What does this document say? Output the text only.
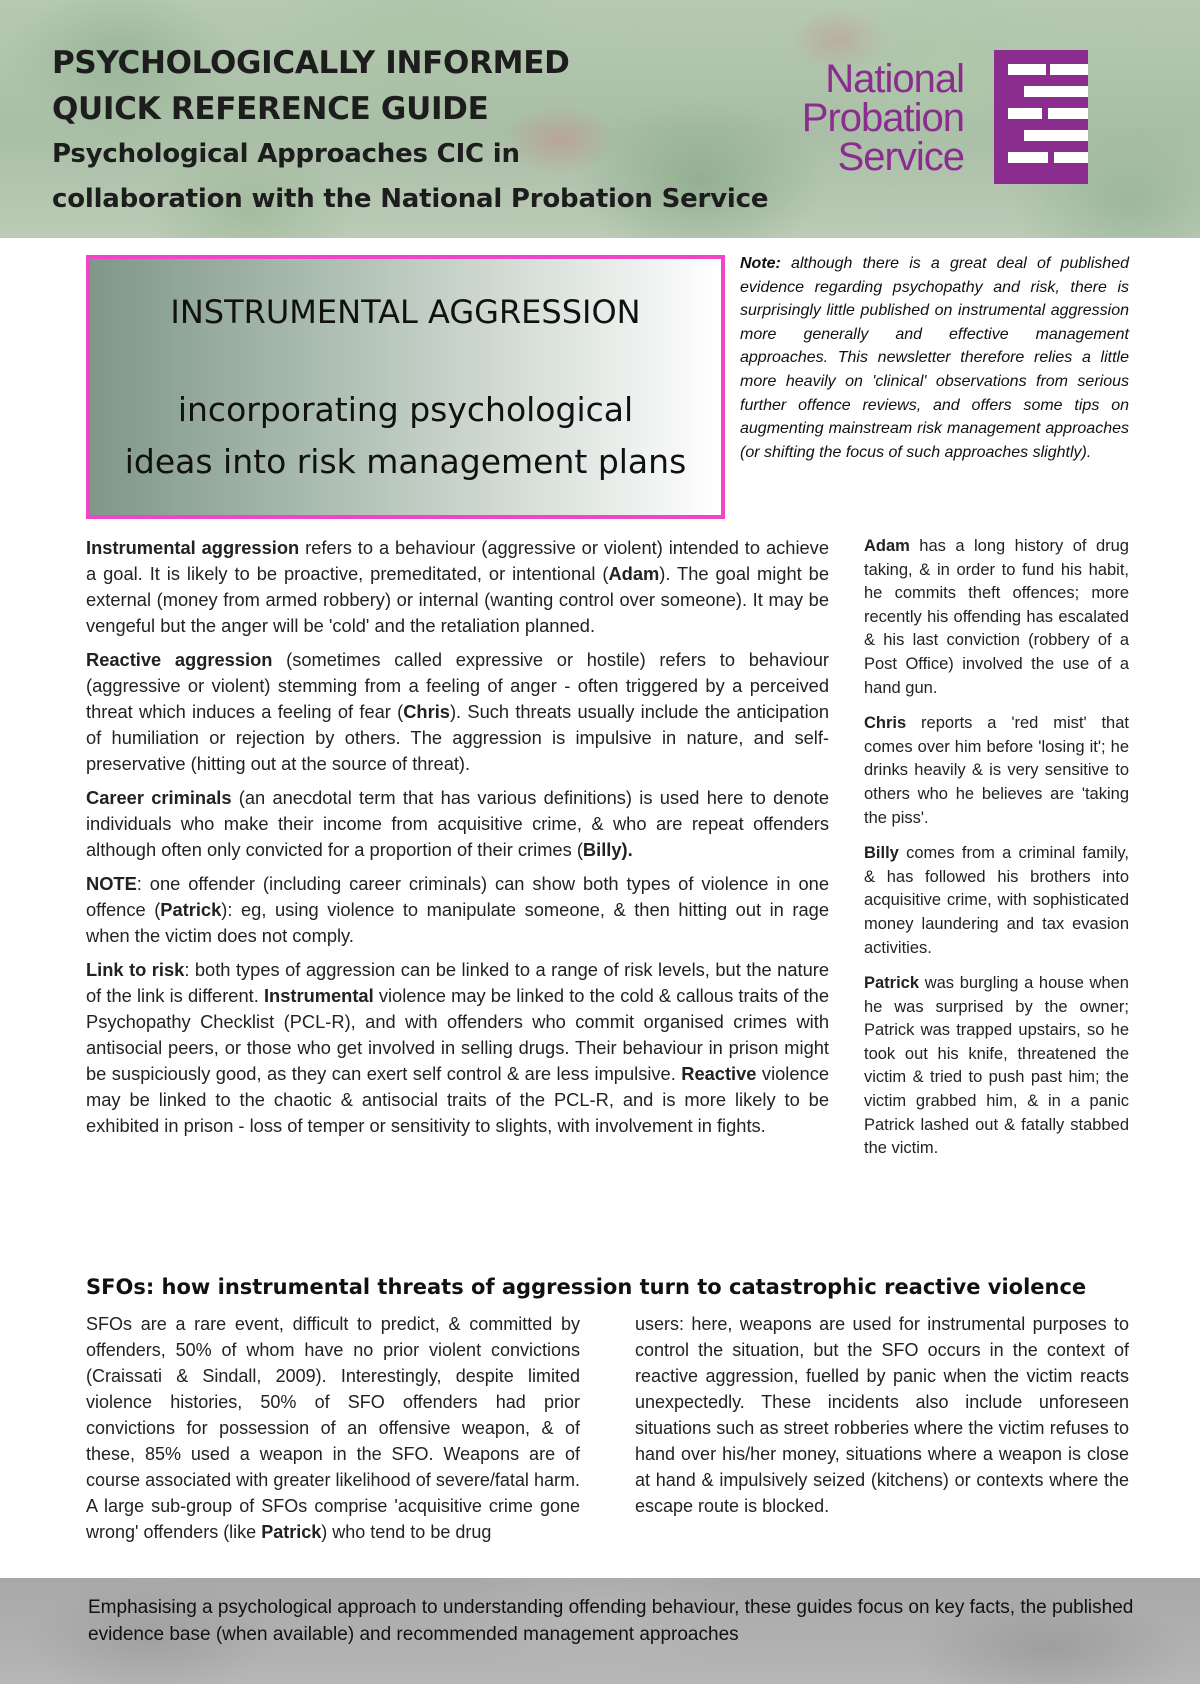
PSYCHOLOGICALLY INFORMED
QUICK REFERENCE GUIDE
Psychological Approaches CIC in
collaboration with the National Probation Service
National
Probation
Service
INSTRUMENTAL AGGRESSION
incorporating psychological
ideas into risk management plans
Note: although there is a great deal of published evidence regarding psychopathy and risk, there is surprisingly little published on instrumental aggression more generally and effective management approaches. This newsletter therefore relies a little more heavily on 'clinical' observations from serious further offence reviews, and offers some tips on augmenting mainstream risk management approaches (or shifting the focus of such approaches slightly).

Instrumental aggression refers to a behaviour (aggressive or violent) intended to achieve a goal. It is likely to be proactive, premeditated, or intentional (Adam). The goal might be external (money from armed robbery) or internal (wanting control over someone). It may be vengeful but the anger will be 'cold' and the retaliation planned.

Reactive aggression (sometimes called expressive or hostile) refers to behaviour (aggressive or violent) stemming from a feeling of anger - often triggered by a perceived threat which induces a feeling of fear (Chris). Such threats usually include the anticipation of humiliation or rejection by others. The aggression is impulsive in nature, and self-preservative (hitting out at the source of threat).

Career criminals (an anecdotal term that has various definitions) is used here to denote individuals who make their income from acquisitive crime, & who are repeat offenders although often only convicted for a proportion of their crimes (Billy).

NOTE: one offender (including career criminals) can show both types of violence in one offence (Patrick): eg, using violence to manipulate someone, & then hitting out in rage when the victim does not comply.

Link to risk: both types of aggression can be linked to a range of risk levels, but the nature of the link is different. Instrumental violence may be linked to the cold & callous traits of the Psychopathy Checklist (PCL-R), and with offenders who commit organised crimes with antisocial peers, or those who get involved in selling drugs. Their behaviour in prison might be suspiciously good, as they can exert self control & are less impulsive. Reactive violence may be linked to the chaotic & antisocial traits of the PCL-R, and is more likely to be exhibited in prison - loss of temper or sensitivity to slights, with involvement in fights.

Adam has a long history of drug taking, & in order to fund his habit, he commits theft offences; more recently his offending has escalated & his last conviction (robbery of a Post Office) involved the use of a hand gun.

Chris reports a 'red mist' that comes over him before 'losing it'; he drinks heavily & is very sensitive to others who he believes are 'taking the piss'.

Billy comes from a criminal family, & has followed his brothers into acquisitive crime, with sophisticated money laundering and tax evasion activities.

Patrick was burgling a house when he was surprised by the owner; Patrick was trapped upstairs, so he took out his knife, threatened the victim & tried to push past him; the victim grabbed him, & in a panic Patrick lashed out & fatally stabbed the victim.

SFOs: how instrumental threats of aggression turn to catastrophic reactive violence
SFOs are a rare event, difficult to predict, & committed by offenders, 50% of whom have no prior violent convictions (Craissati & Sindall, 2009). Interestingly, despite limited violence histories, 50% of SFO offenders had prior convictions for possession of an offensive weapon, & of these, 85% used a weapon in the SFO. Weapons are of course associated with greater likelihood of severe/fatal harm. A large sub-group of SFOs comprise 'acquisitive crime gone wrong' offenders (like Patrick) who tend to be drug
users: here, weapons are used for instrumental purposes to control the situation, but the SFO occurs in the context of reactive aggression, fuelled by panic when the victim reacts unexpectedly. These incidents also include unforeseen situations such as street robberies where the victim refuses to hand over his/her money, situations where a weapon is close at hand & impulsively seized (kitchens) or contexts where the escape route is blocked.
Emphasising a psychological approach to understanding offending behaviour, these guides focus on key facts, the published evidence base (when available) and recommended management approaches
